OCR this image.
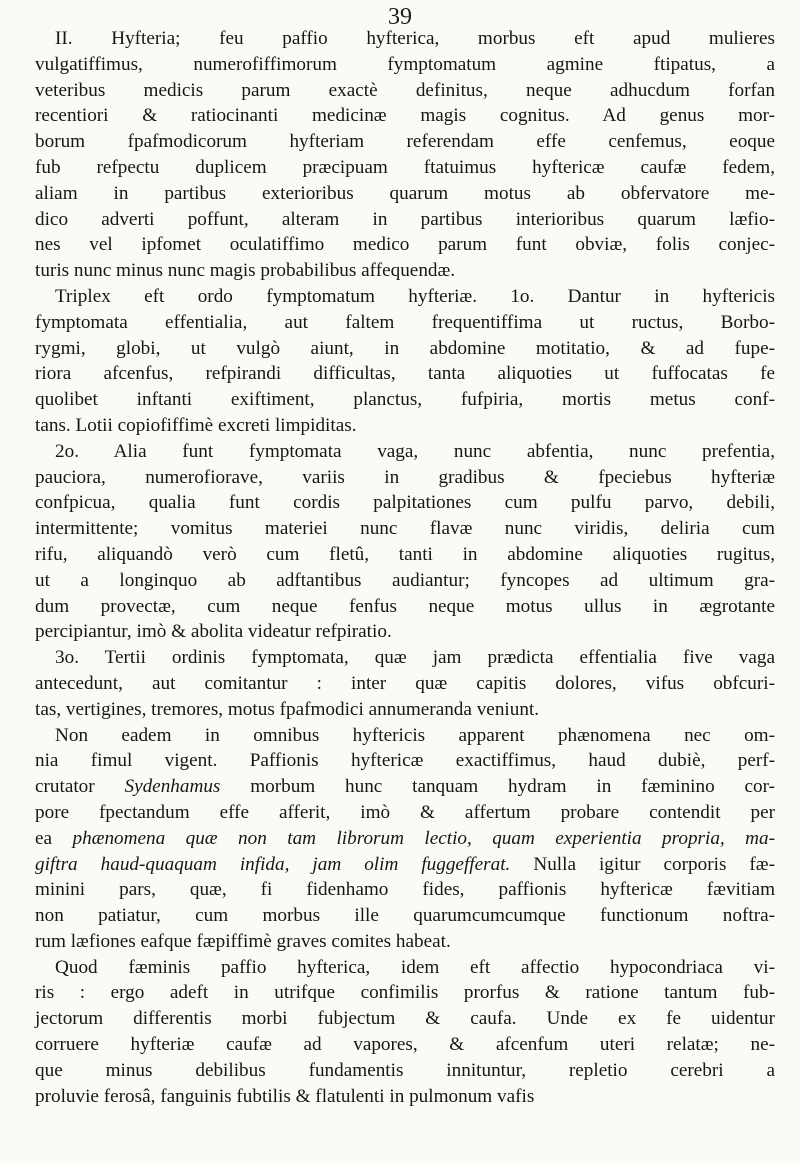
39
II. Hyfteria; feu paffio hyfterica, morbus eft apud mulieres
vulgatiffimus, numerofiffimorum fymptomatum agmine ftipatus, a
veteribus medicis parum exactè definitus, neque adhucdum forfan
recentiori & ratiocinanti medicinæ magis cognitus. Ad genus mor-
borum fpafmodicorum hyfteriam referendam effe cenfemus, eoque
fub refpectu duplicem præcipuam ftatuimus hyftericæ caufæ fedem,
aliam in partibus exterioribus quarum motus ab obfervatore me-
dico adverti poffunt, alteram in partibus interioribus quarum læfio-
nes vel ipfomet oculatiffimo medico parum funt obviæ, folis conjec-
turis nunc minus nunc magis probabilibus affequendæ.
Triplex eft ordo fymptomatum hyfteriæ. 1o. Dantur in hyftericis
fymptomata effentialia, aut faltem frequentiffima ut ructus, Borbo-
rygmi, globi, ut vulgò aiunt, in abdomine motitatio, & ad fupe-
riora afcenfus, refpirandi difficultas, tanta aliquoties ut fuffocatas fe
quolibet inftanti exiftiment, planctus, fufpiria, mortis metus conf-
tans. Lotii copiofiffimè excreti limpiditas.
2o. Alia funt fymptomata vaga, nunc abfentia, nunc prefentia,
pauciora, numerofiorave, variis in gradibus & fpeciebus hyfteriæ
confpicua, qualia funt cordis palpitationes cum pulfu parvo, debili,
intermittente; vomitus materiei nunc flavæ nunc viridis, deliria cum
rifu, aliquandò verò cum fletû, tanti in abdomine aliquoties rugitus,
ut a longinquo ab adftantibus audiantur; fyncopes ad ultimum gra-
dum provectæ, cum neque fenfus neque motus ullus in ægrotante
percipiantur, imò & abolita videatur refpiratio.
3o. Tertii ordinis fymptomata, quæ jam prædicta effentialia five vaga
antecedunt, aut comitantur : inter quæ capitis dolores, vifus obfcuri-
tas, vertigines, tremores, motus fpafmodici annumeranda veniunt.
Non eadem in omnibus hyftericis apparent phænomena nec om-
nia fimul vigent. Paffionis hyftericæ exactiffimus, haud dubiè, perf-
crutator Sydenhamus morbum hunc tanquam hydram in fæminino cor-
pore fpectandum effe afferit, imò & affertum probare contendit per
ea phænomena quæ non tam librorum lectio, quam experientia propria, ma-
giftra haud-quaquam infida, jam olim fuggefferat. Nulla igitur corporis fæ-
minini pars, quæ, fi fidenhamo fides, paffionis hyftericæ fævitiam
non patiatur, cum morbus ille quarumcumcumque functionum noftra-
rum læfiones eafque fæpiffimè graves comites habeat.
Quod fæminis paffio hyfterica, idem eft affectio hypocondriaca vi-
ris : ergo adeft in utrifque confimilis prorfus & ratione tantum fub-
jectorum differentis morbi fubjectum & caufa. Unde ex fe uidentur
corruere hyfteriæ caufæ ad vapores, & afcenfum uteri relatæ; ne-
que minus debilibus fundamentis innituntur, repletio cerebri a
proluvie ferosâ, fanguinis fubtilis & flatulenti in pulmonum vafis
